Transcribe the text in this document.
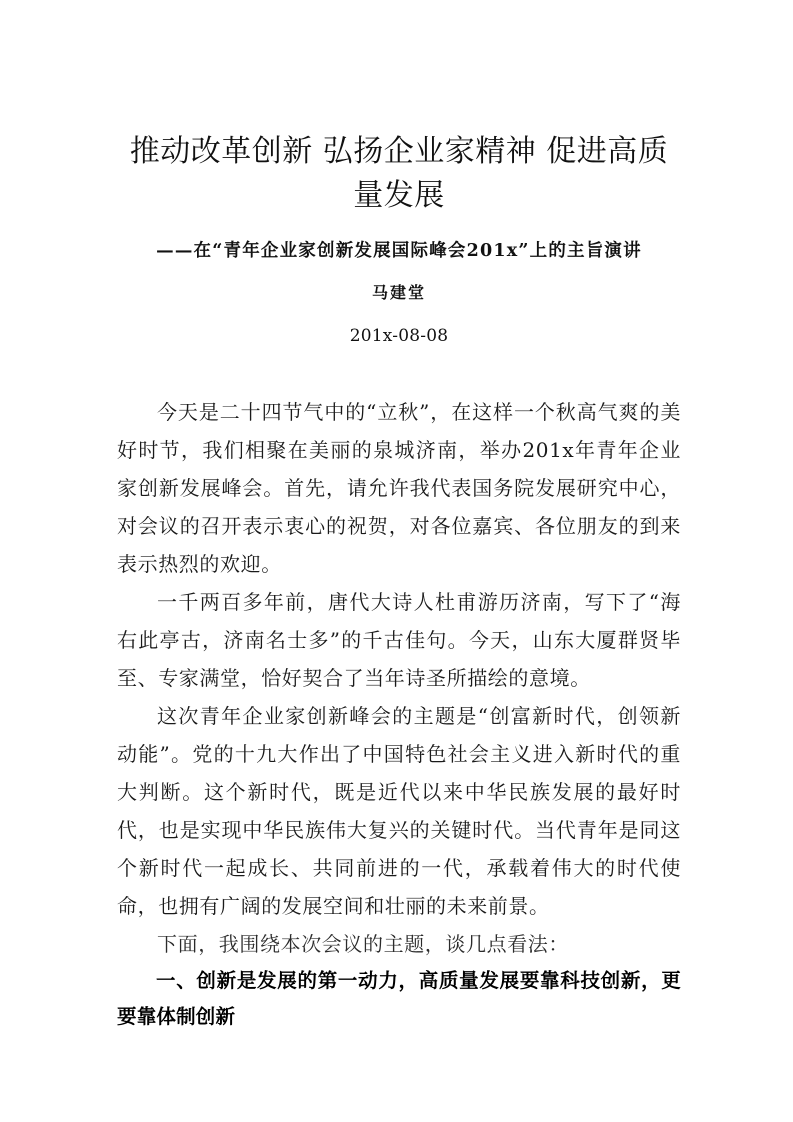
推动改革创新 弘扬企业家精神 促进高质
量发展

——在“青年企业家创新发展国际峰会201x”上的主旨演讲

马建堂

201x-08-08

今天是二十四节气中的“立秋”，在这样一个秋高气爽的美好时节，我们相聚在美丽的泉城济南，举办201x年青年企业家创新发展峰会。首先，请允许我代表国务院发展研究中心，对会议的召开表示衷心的祝贺，对各位嘉宾、各位朋友的到来表示热烈的欢迎。

一千两百多年前，唐代大诗人杜甫游历济南，写下了“海右此亭古，济南名士多”的千古佳句。今天，山东大厦群贤毕至、专家满堂，恰好契合了当年诗圣所描绘的意境。

这次青年企业家创新峰会的主题是“创富新时代，创领新动能”。党的十九大作出了中国特色社会主义进入新时代的重大判断。这个新时代，既是近代以来中华民族发展的最好时代，也是实现中华民族伟大复兴的关键时代。当代青年是同这个新时代一起成长、共同前进的一代，承载着伟大的时代使命，也拥有广阔的发展空间和壮丽的未来前景。

下面，我围绕本次会议的主题，谈几点看法：

一、创新是发展的第一动力，高质量发展要靠科技创新，更要靠体制创新
